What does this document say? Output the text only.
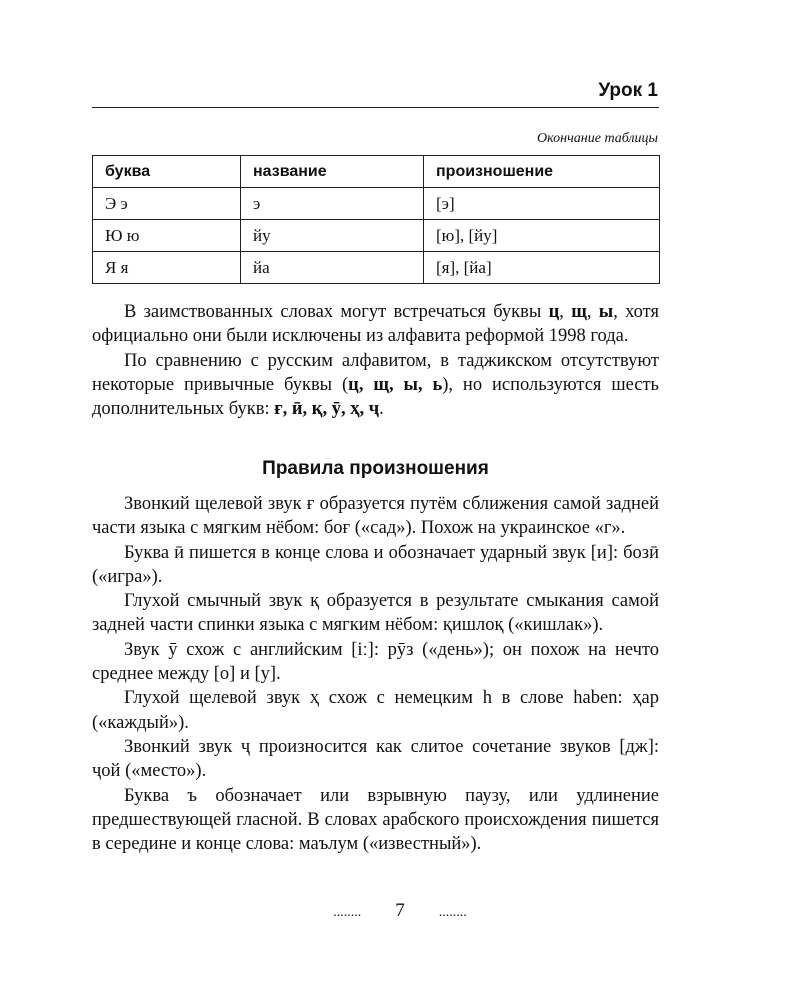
Урок 1
Окончание таблицы
буква	название	произношение
Э э	э	[э]
Ю ю	йу	[ю], [йу]
Я я	йа	[я], [йа]

В заимствованных словах могут встречаться буквы ц, щ, ы, хотя официально они были исключены из алфавита реформой 1998 года.

По сравнению с русским алфавитом, в таджикском отсутствуют некоторые привычные буквы (ц, щ, ы, ь), но используются шесть дополнительных букв: ғ, ӣ, қ, ӯ, ҳ, ҷ.

Правила произношения

Звонкий щелевой звук ғ образуется путём сближения самой задней части языка с мягким нёбом: боғ («сад»). Похож на украинское «г».

Буква ӣ пишется в конце слова и обозначает ударный звук [и]: бозӣ («игра»).

Глухой смычный звук қ образуется в результате смыкания самой задней части спинки языка с мягким нёбом: қишлоқ («кишлак»).

Звук ӯ схож с английским [iː]: рӯз («день»); он похож на нечто среднее между [о] и [у].

Глухой щелевой звук ҳ схож с немецким h в слове haben: ҳар («каждый»).

Звонкий звук ҷ произносится как слитое сочетание звуков [дж]: ҷой («место»).

Буква ъ обозначает или взрывную паузу, или удлинение предшествующей гласной. В словах арабского происхождения пишется в середине и конце слова: маълум («известный»).

........ 7 ........
